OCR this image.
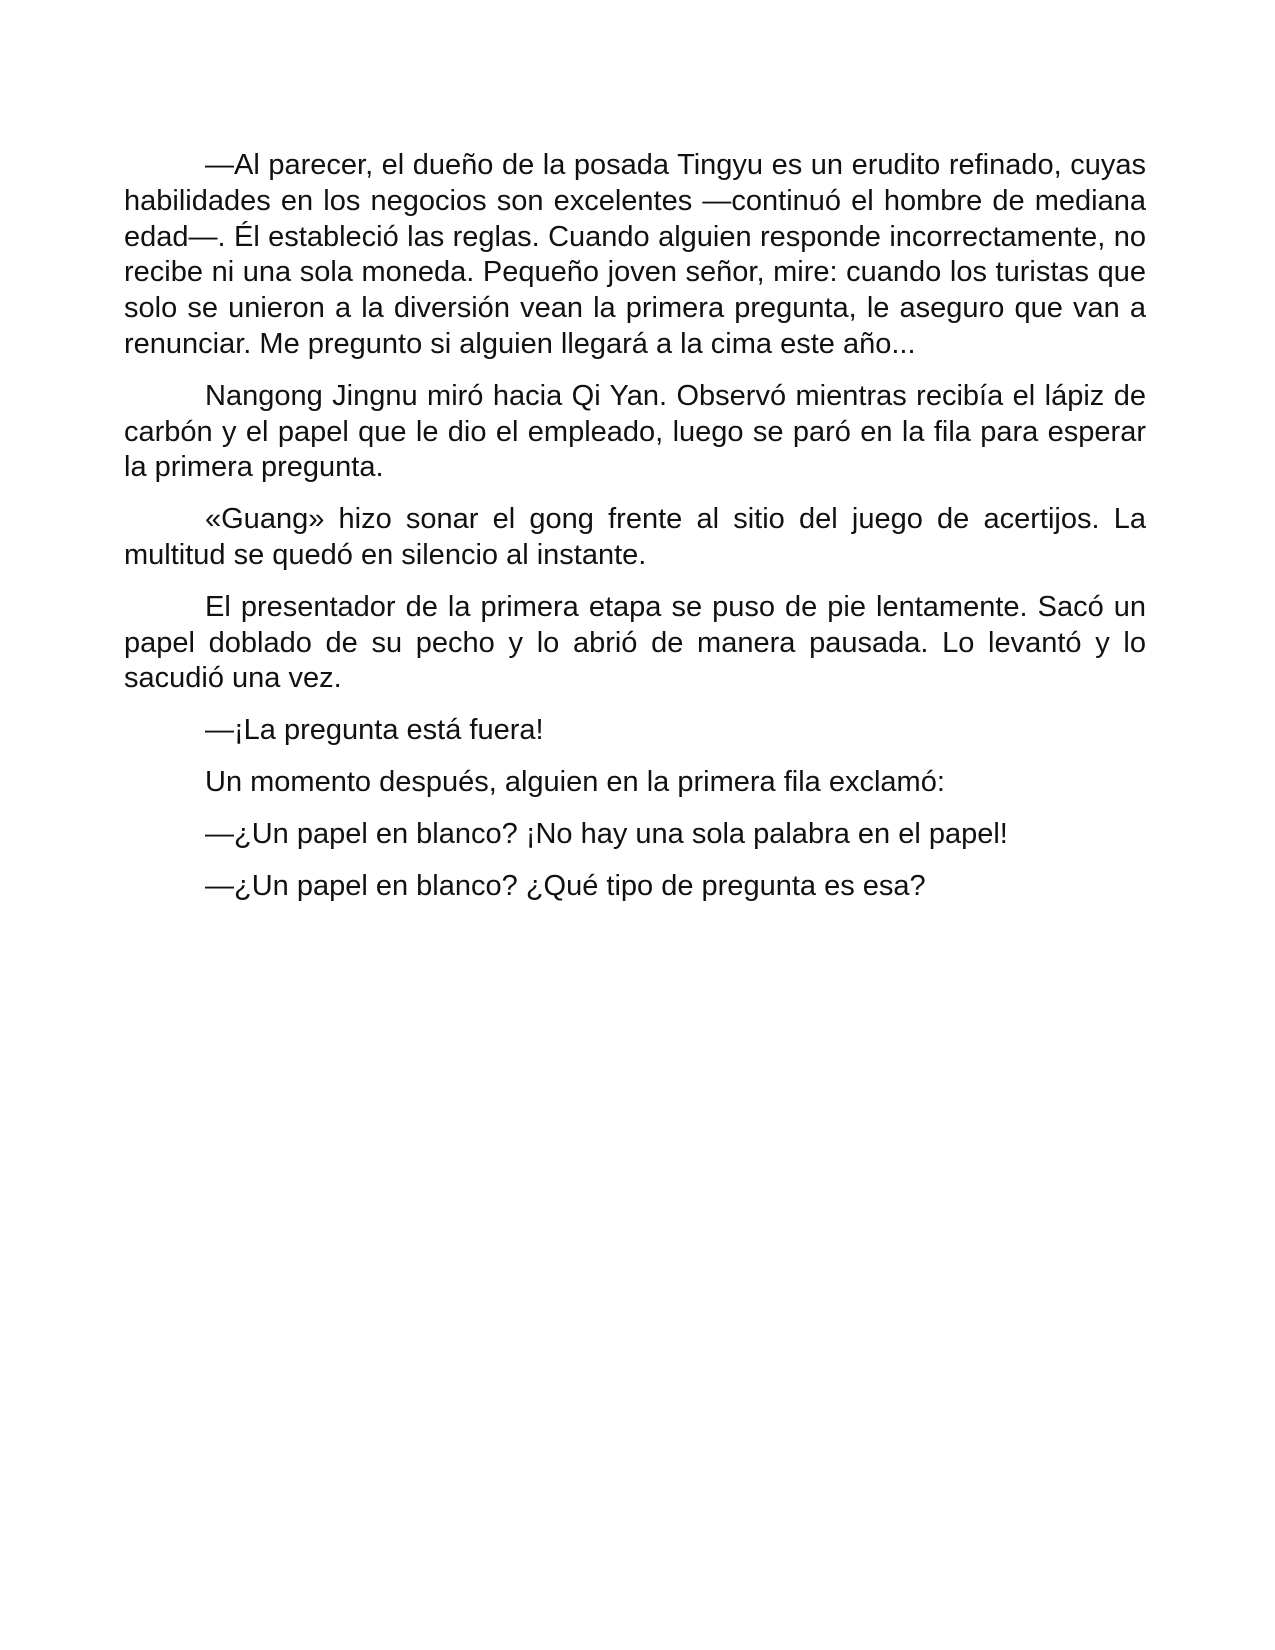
—Al parecer, el dueño de la posada Tingyu es un erudito refinado, cuyas habilidades en los negocios son excelentes —continuó el hombre de mediana edad—. Él estableció las reglas. Cuando alguien responde incorrectamente, no recibe ni una sola moneda. Pequeño joven señor, mire: cuando los turistas que solo se unieron a la diversión vean la primera pregunta, le aseguro que van a renunciar. Me pregunto si alguien llegará a la cima este año...

Nangong Jingnu miró hacia Qi Yan. Observó mientras recibía el lápiz de carbón y el papel que le dio el empleado, luego se paró en la fila para esperar la primera pregunta.

«Guang» hizo sonar el gong frente al sitio del juego de acertijos. La multitud se quedó en silencio al instante.

El presentador de la primera etapa se puso de pie lentamente. Sacó un papel doblado de su pecho y lo abrió de manera pausada. Lo levantó y lo sacudió una vez.

—¡La pregunta está fuera!

Un momento después, alguien en la primera fila exclamó:

—¿Un papel en blanco? ¡No hay una sola palabra en el papel!

—¿Un papel en blanco? ¿Qué tipo de pregunta es esa?
